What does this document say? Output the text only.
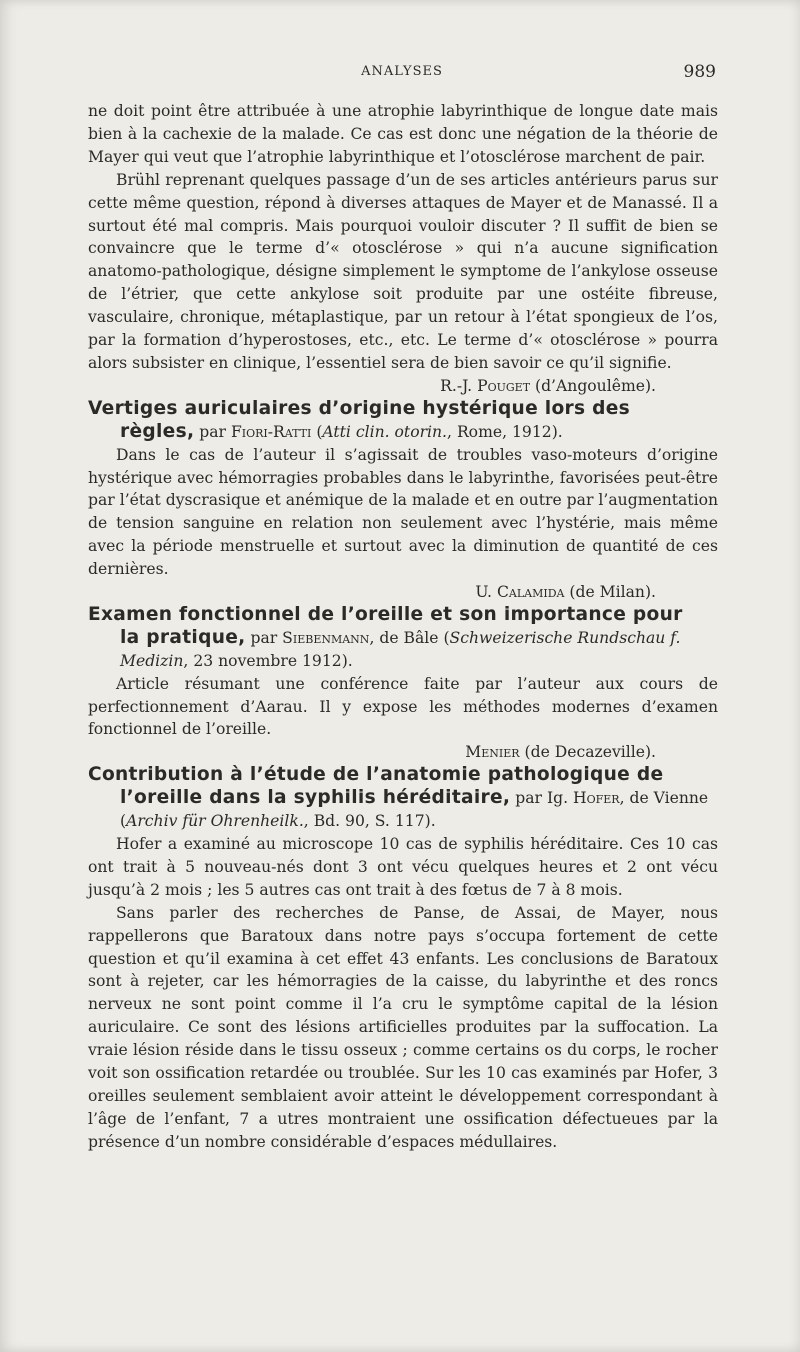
ANALYSES	989

ne doit point être attribuée à une atrophie labyrinthique de longue date mais bien à la cachexie de la malade. Ce cas est donc une négation de la théorie de Mayer qui veut que l’atrophie labyrinthique et l’otosclérose marchent de pair.

Brühl reprenant quelques passage d’un de ses articles antérieurs parus sur cette même question, répond à diverses attaques de Mayer et de Manassé. Il a surtout été mal compris. Mais pourquoi vouloir discuter ? Il suffit de bien se convaincre que le terme d’« otosclérose » qui n’a aucune signification anatomo-pathologique, désigne simplement le symptome de l’ankylose osseuse de l’étrier, que cette ankylose soit produite par une ostéite fibreuse, vasculaire, chronique, métaplastique, par un retour à l’état spongieux de l’os, par la formation d’hyperostoses, etc., etc. Le terme d’« otosclérose » pourra alors subsister en clinique, l’essentiel sera de bien savoir ce qu’il signifie.

R.-J. Pouget (d’Angoulême).

Vertiges auriculaires d’origine hystérique lors des
règles, par Fiori-Ratti (Atti clin. otorin., Rome, 1912).

Dans le cas de l’auteur il s’agissait de troubles vaso-moteurs d’origine hystérique avec hémorragies probables dans le labyrinthe, favorisées peut-être par l’état dyscrasique et anémique de la malade et en outre par l’augmentation de tension sanguine en relation non seulement avec l’hystérie, mais même avec la période menstruelle et surtout avec la diminution de quantité de ces dernières.

U. Calamida (de Milan).

Examen fonctionnel de l’oreille et son importance pour
la pratique, par Siebenmann, de Bâle (Schweizerische Rundschau f. Medizin, 23 novembre 1912).

Article résumant une conférence faite par l’auteur aux cours de perfectionnement d’Aarau. Il y expose les méthodes modernes d’examen fonctionnel de l’oreille.

Menier (de Decazeville).

Contribution à l’étude de l’anatomie pathologique de
l’oreille dans la syphilis héréditaire, par Ig. Hofer, de Vienne (Archiv für Ohrenheilk., Bd. 90, S. 117).

Hofer a examiné au microscope 10 cas de syphilis héréditaire. Ces 10 cas ont trait à 5 nouveau-nés dont 3 ont vécu quelques heures et 2 ont vécu jusqu’à 2 mois ; les 5 autres cas ont trait à des fœtus de 7 à 8 mois.

Sans parler des recherches de Panse, de Assai, de Mayer, nous rappellerons que Baratoux dans notre pays s’occupa fortement de cette question et qu’il examina à cet effet 43 enfants. Les conclusions de Baratoux sont à rejeter, car les hémorragies de la caisse, du labyrinthe et des roncs nerveux ne sont point comme il l’a cru le symptôme capital de la lésion auriculaire. Ce sont des lésions artificielles produites par la suffocation. La vraie lésion réside dans le tissu osseux ; comme certains os du corps, le rocher voit son ossification retardée ou troublée. Sur les 10 cas examinés par Hofer, 3 oreilles seulement semblaient avoir atteint le développement correspondant à l’âge de l’enfant, 7 a utres montraient une ossification défectueues par la présence d’un nombre considérable d’espaces médullaires.
